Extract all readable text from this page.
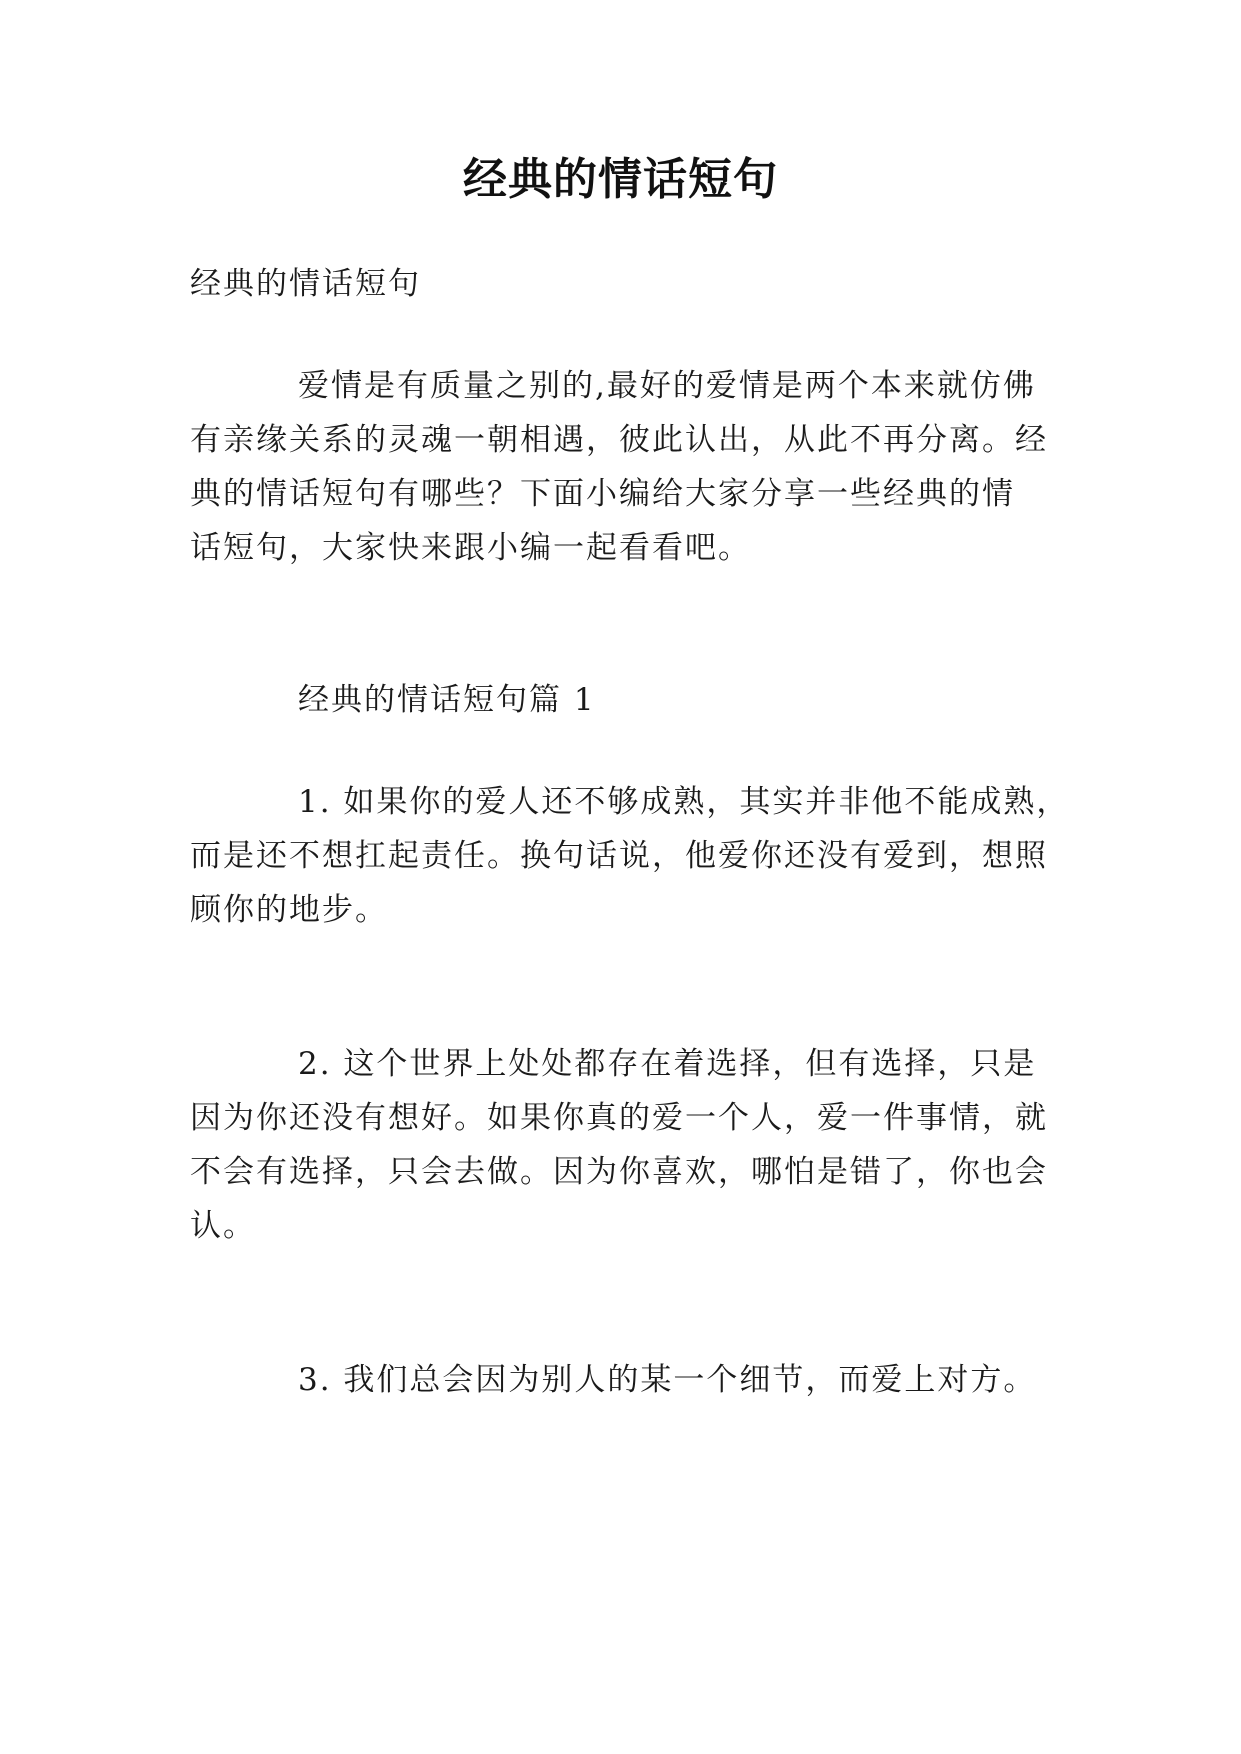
经典的情话短句

经典的情话短句

爱情是有质量之别的,最好的爱情是两个本来就仿佛

有亲缘关系的灵魂一朝相遇，彼此认出，从此不再分离。经

典的情话短句有哪些？下面小编给大家分享一些经典的情

话短句，大家快来跟小编一起看看吧。

经典的情话短句篇 1

1. 如果你的爱人还不够成熟，其实并非他不能成熟，

而是还不想扛起责任。换句话说，他爱你还没有爱到，想照

顾你的地步。

2. 这个世界上处处都存在着选择，但有选择，只是

因为你还没有想好。如果你真的爱一个人，爱一件事情，就

不会有选择，只会去做。因为你喜欢，哪怕是错了，你也会

认。

3. 我们总会因为别人的某一个细节，而爱上对方。
